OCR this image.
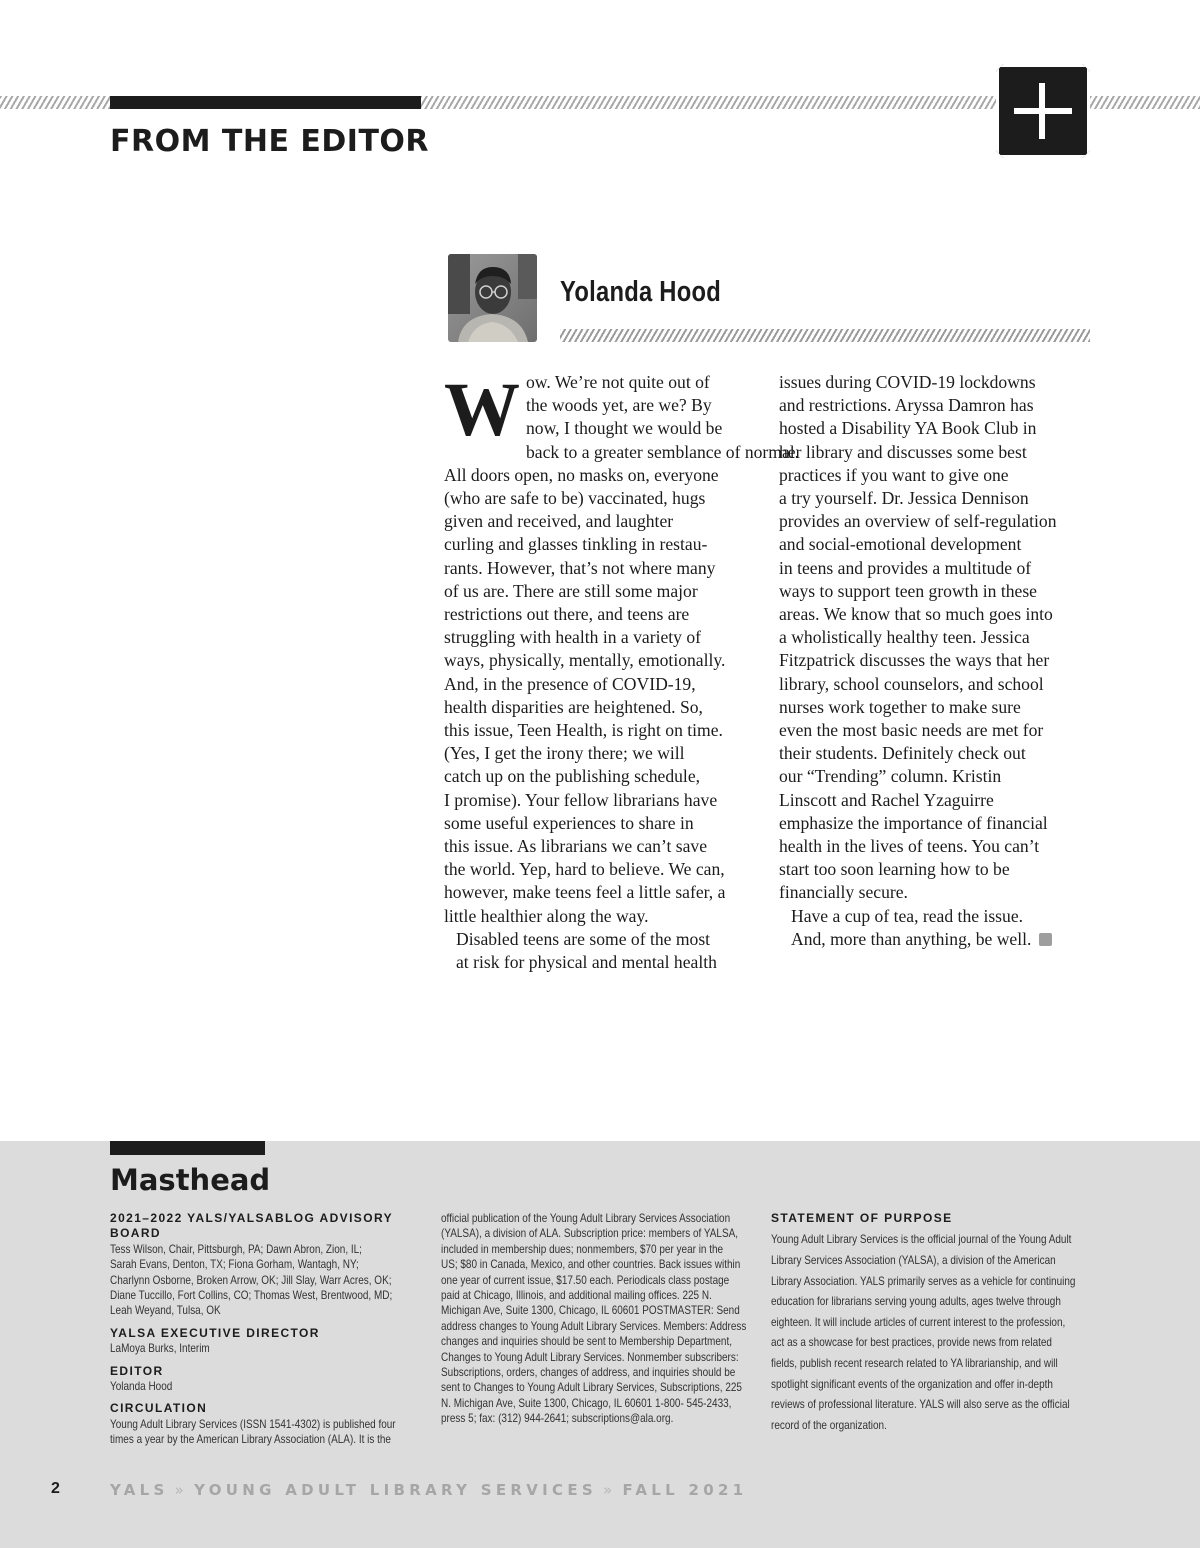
FROM THE EDITOR
Yolanda Hood
W ow. We’re not quite out of
the woods yet, are we? By
now, I thought we would be
back to a greater semblance of normal.
All doors open, no masks on, everyone
(who are safe to be) vaccinated, hugs
given and received, and laughter
curling and glasses tinkling in restau-
rants. However, that’s not where many
of us are. There are still some major
restrictions out there, and teens are
struggling with health in a variety of
ways, physically, mentally, emotionally.
And, in the presence of COVID-19,
health disparities are heightened. So,
this issue, Teen Health, is right on time.
(Yes, I get the irony there; we will
catch up on the publishing schedule,
I promise). Your fellow librarians have
some useful experiences to share in
this issue. As librarians we can’t save
the world. Yep, hard to believe. We can,
however, make teens feel a little safer, a
little healthier along the way.

Disabled teens are some of the most
at risk for physical and mental health

issues during COVID-19 lockdowns
and restrictions. Aryssa Damron has
hosted a Disability YA Book Club in
her library and discusses some best
practices if you want to give one
a try yourself. Dr. Jessica Dennison
provides an overview of self-regulation
and social-emotional development
in teens and provides a multitude of
ways to support teen growth in these
areas. We know that so much goes into
a wholistically healthy teen. Jessica
Fitzpatrick discusses the ways that her
library, school counselors, and school
nurses work together to make sure
even the most basic needs are met for
their students. Definitely check out
our “Trending” column. Kristin
Linscott and Rachel Yzaguirre
emphasize the importance of financial
health in the lives of teens. You can’t
start too soon learning how to be
financially secure.

Have a cup of tea, read the issue.
And, more than anything, be well.

Masthead
2021–2022 YALS/YALSABLOG ADVISORY BOARD
Tess Wilson, Chair, Pittsburgh, PA; Dawn Abron, Zion, IL;
Sarah Evans, Denton, TX; Fiona Gorham, Wantagh, NY;
Charlynn Osborne, Broken Arrow, OK; Jill Slay, Warr Acres, OK;
Diane Tuccillo, Fort Collins, CO; Thomas West, Brentwood, MD;
Leah Weyand, Tulsa, OK
YALSA EXECUTIVE DIRECTOR
LaMoya Burks, Interim
EDITOR
Yolanda Hood
CIRCULATION
Young Adult Library Services (ISSN 1541-4302) is published four
times a year by the American Library Association (ALA). It is the
official publication of the Young Adult Library Services Association
(YALSA), a division of ALA. Subscription price: members of YALSA,
included in membership dues; nonmembers, $70 per year in the
US; $80 in Canada, Mexico, and other countries. Back issues within
one year of current issue, $17.50 each. Periodicals class postage
paid at Chicago, Illinois, and additional mailing offices. 225 N.
Michigan Ave, Suite 1300, Chicago, IL 60601 POSTMASTER: Send
address changes to Young Adult Library Services. Members: Address
changes and inquiries should be sent to Membership Department,
Changes to Young Adult Library Services. Nonmember subscribers:
Subscriptions, orders, changes of address, and inquiries should be
sent to Changes to Young Adult Library Services, Subscriptions, 225
N. Michigan Ave, Suite 1300, Chicago, IL 60601 1-800- 545-2433,
press 5; fax: (312) 944-2641; subscriptions@ala.org.
STATEMENT OF PURPOSE
Young Adult Library Services is the official journal of the Young Adult
Library Services Association (YALSA), a division of the American
Library Association. YALS primarily serves as a vehicle for continuing
education for librarians serving young adults, ages twelve through
eighteen. It will include articles of current interest to the profession,
act as a showcase for best practices, provide news from related
fields, publish recent research related to YA librarianship, and will
spotlight significant events of the organization and offer in-depth
reviews of professional literature. YALS will also serve as the official
record of the organization.
2	YALS » YOUNG ADULT LIBRARY SERVICES » FALL 2021
